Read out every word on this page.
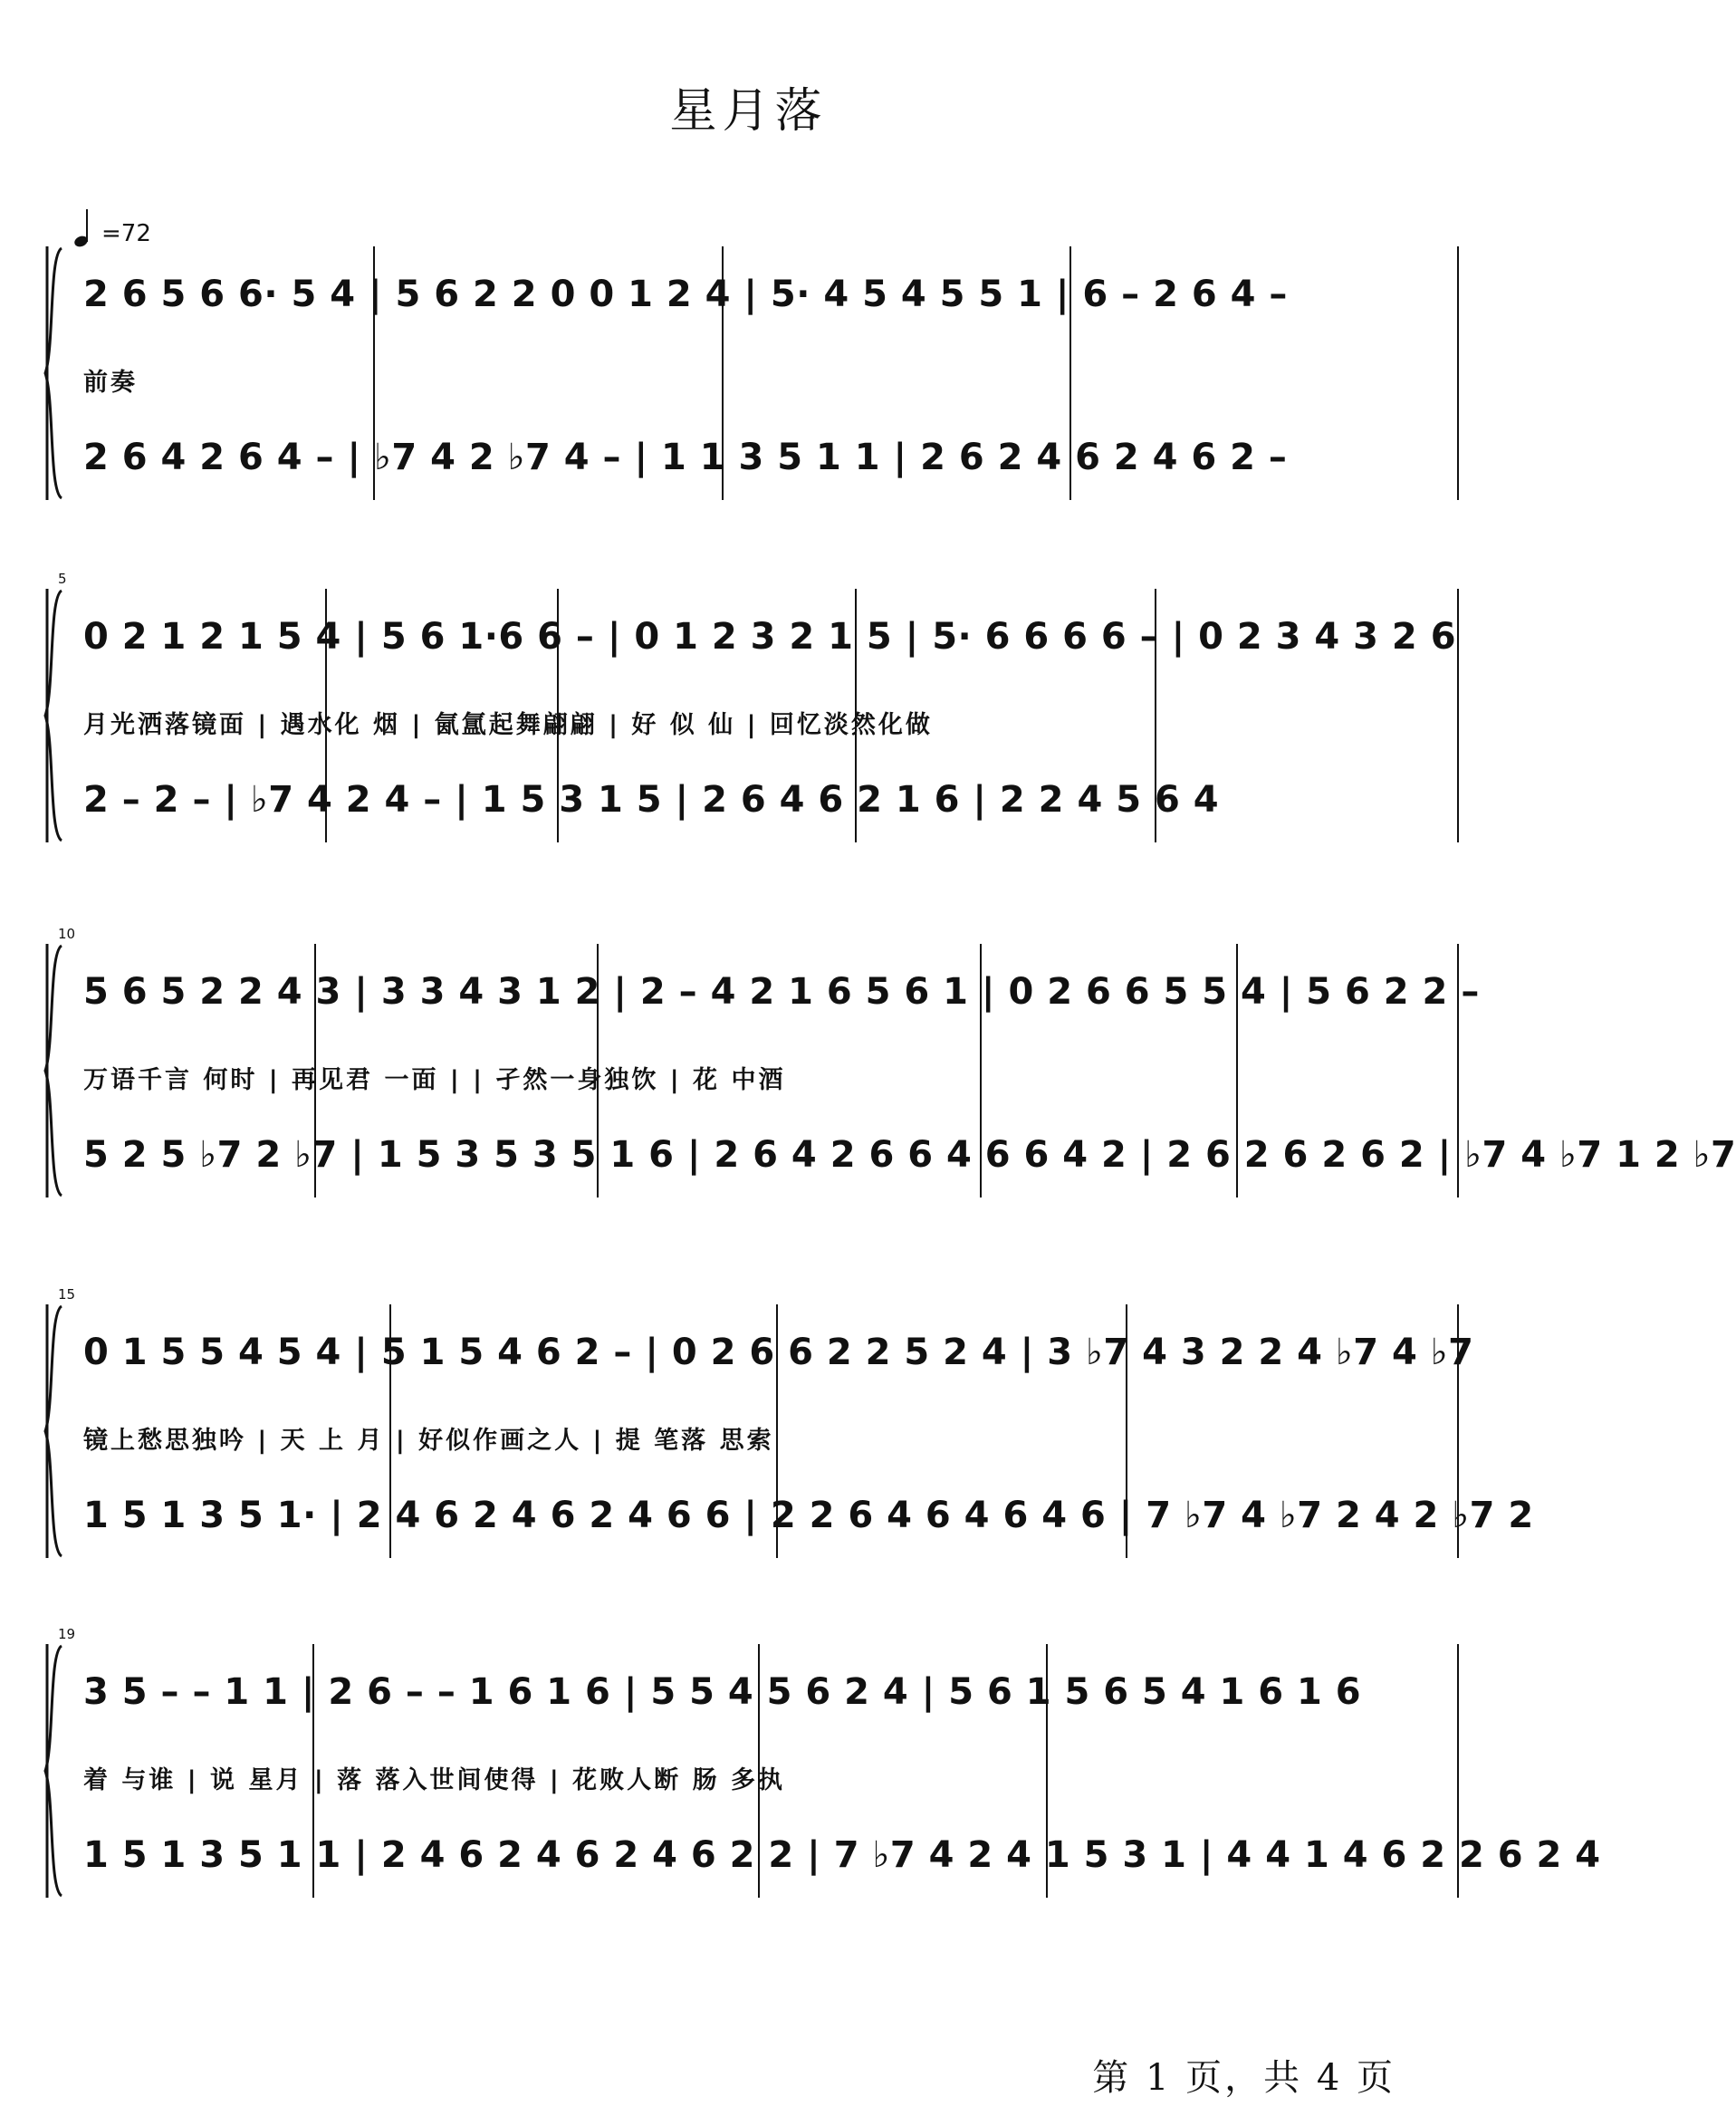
星月落
=72
2 6 5 6 6· 5 4 | 5 6 2 2 0 0 1 2 4 | 5· 4 5 4 5 5 1 | 6 – 2 6 4 –
前奏
2 6 4 2 6 4 – | ♭7 4 2 ♭7 4 – | 1 1 3 5 1 1 | 2 6 2 4 6 2 4 6 2 –
5
0 2 1 2 1 5 4 | 5 6 1·6 6 – | 0 1 2 3 2 1 5 | 5· 6 6 6 6 – | 0 2 3 4 3 2 6
月光洒落镜面 | 遇水化 烟 | 氤氲起舞翩翩 | 好 似 仙 | 回忆淡然化做
2 – 2 – | ♭7 4 2 4 – | 1 5 3 1 5 | 2 6 4 6 2 1 6 | 2 2 4 5 6 4
10
5 6 5 2 2 4 3 | 3 3 4 3 1 2 | 2 – 4 2 1 6 5 6 1 | 0 2 6 6 5 5 4 | 5 6 2 2 –
万语千言 何时 | 再见君 一面 | | 孑然一身独饮 | 花 中酒
5 2 5 ♭7 2 ♭7 | 1 5 3 5 3 5 1 6 | 2 6 4 2 6 6 4 6 6 4 2 | 2 6 2 6 2 6 2 | ♭7 4 ♭7 1 2 ♭7
15
0 1 5 5 4 5 4 | 5 1 5 4 6 2 – | 0 2 6 6 2 2 5 2 4 | 3 ♭7 4 3 2 2 4 ♭7 4 ♭7
镜上愁思独吟 | 天 上 月 | 好似作画之人 | 提 笔落 思索
1 5 1 3 5 1· | 2 4 6 2 4 6 2 4 6 6 | 2 2 6 4 6 4 6 4 6 | 7 ♭7 4 ♭7 2 4 2 ♭7 2
19
3 5 – – 1 1 | 2 6 – – 1 6 1 6 | 5 5 4 5 6 2 4 | 5 6 1 5 6 5 4 1 6 1 6
着 与谁 | 说 星月 | 落 落入世间使得 | 花败人断 肠 多执
1 5 1 3 5 1 1 | 2 4 6 2 4 6 2 4 6 2 2 | 7 ♭7 4 2 4 1 5 3 1 | 4 4 1 4 6 2 2 6 2 4
第 1 页，共 4 页
